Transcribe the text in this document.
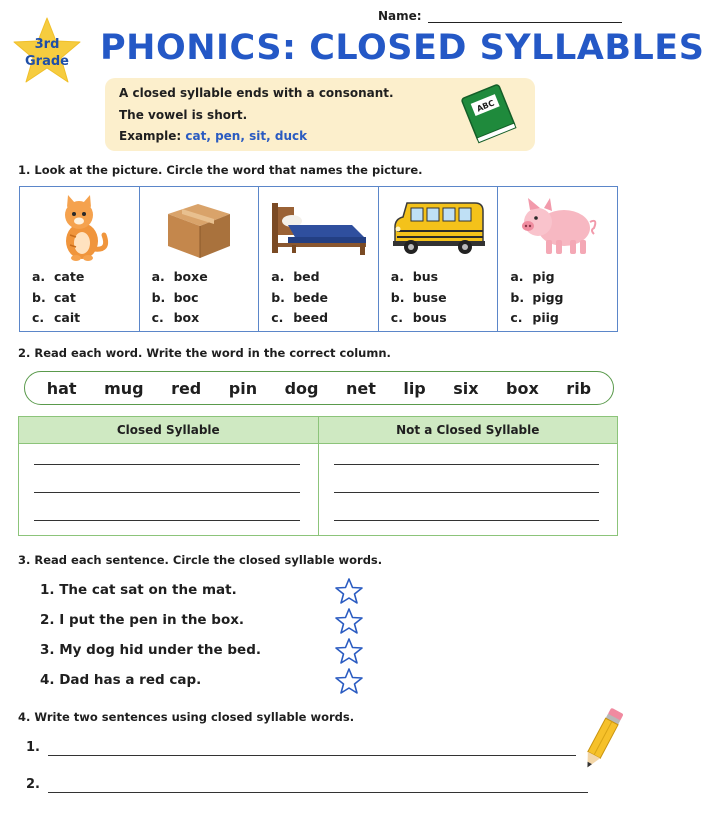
Name:
3rd
Grade PHONICS: CLOSED SYLLABLES
A closed syllable ends with a consonant.
The vowel is short.
Example: cat, pen, sit, duck
ABC
1. Look at the picture. Circle the word that names the picture.
a. cate
b. cat
c. cait
a. boxe
b. boc
c. box
a. bed
b. bede
c. beed
a. bus
b. buse
c. bous
a. pig
b. pigg
c. piig
2. Read each word. Write the word in the correct column.
hat mug red pin dog net lip six box rib
Closed Syllable	Not a Closed Syllable
3. Read each sentence. Circle the closed syllable words.
1. The cat sat on the mat.
2. I put the pen in the box.
3. My dog hid under the bed.
4. Dad has a red cap.
4. Write two sentences using closed syllable words.
1.
2.
